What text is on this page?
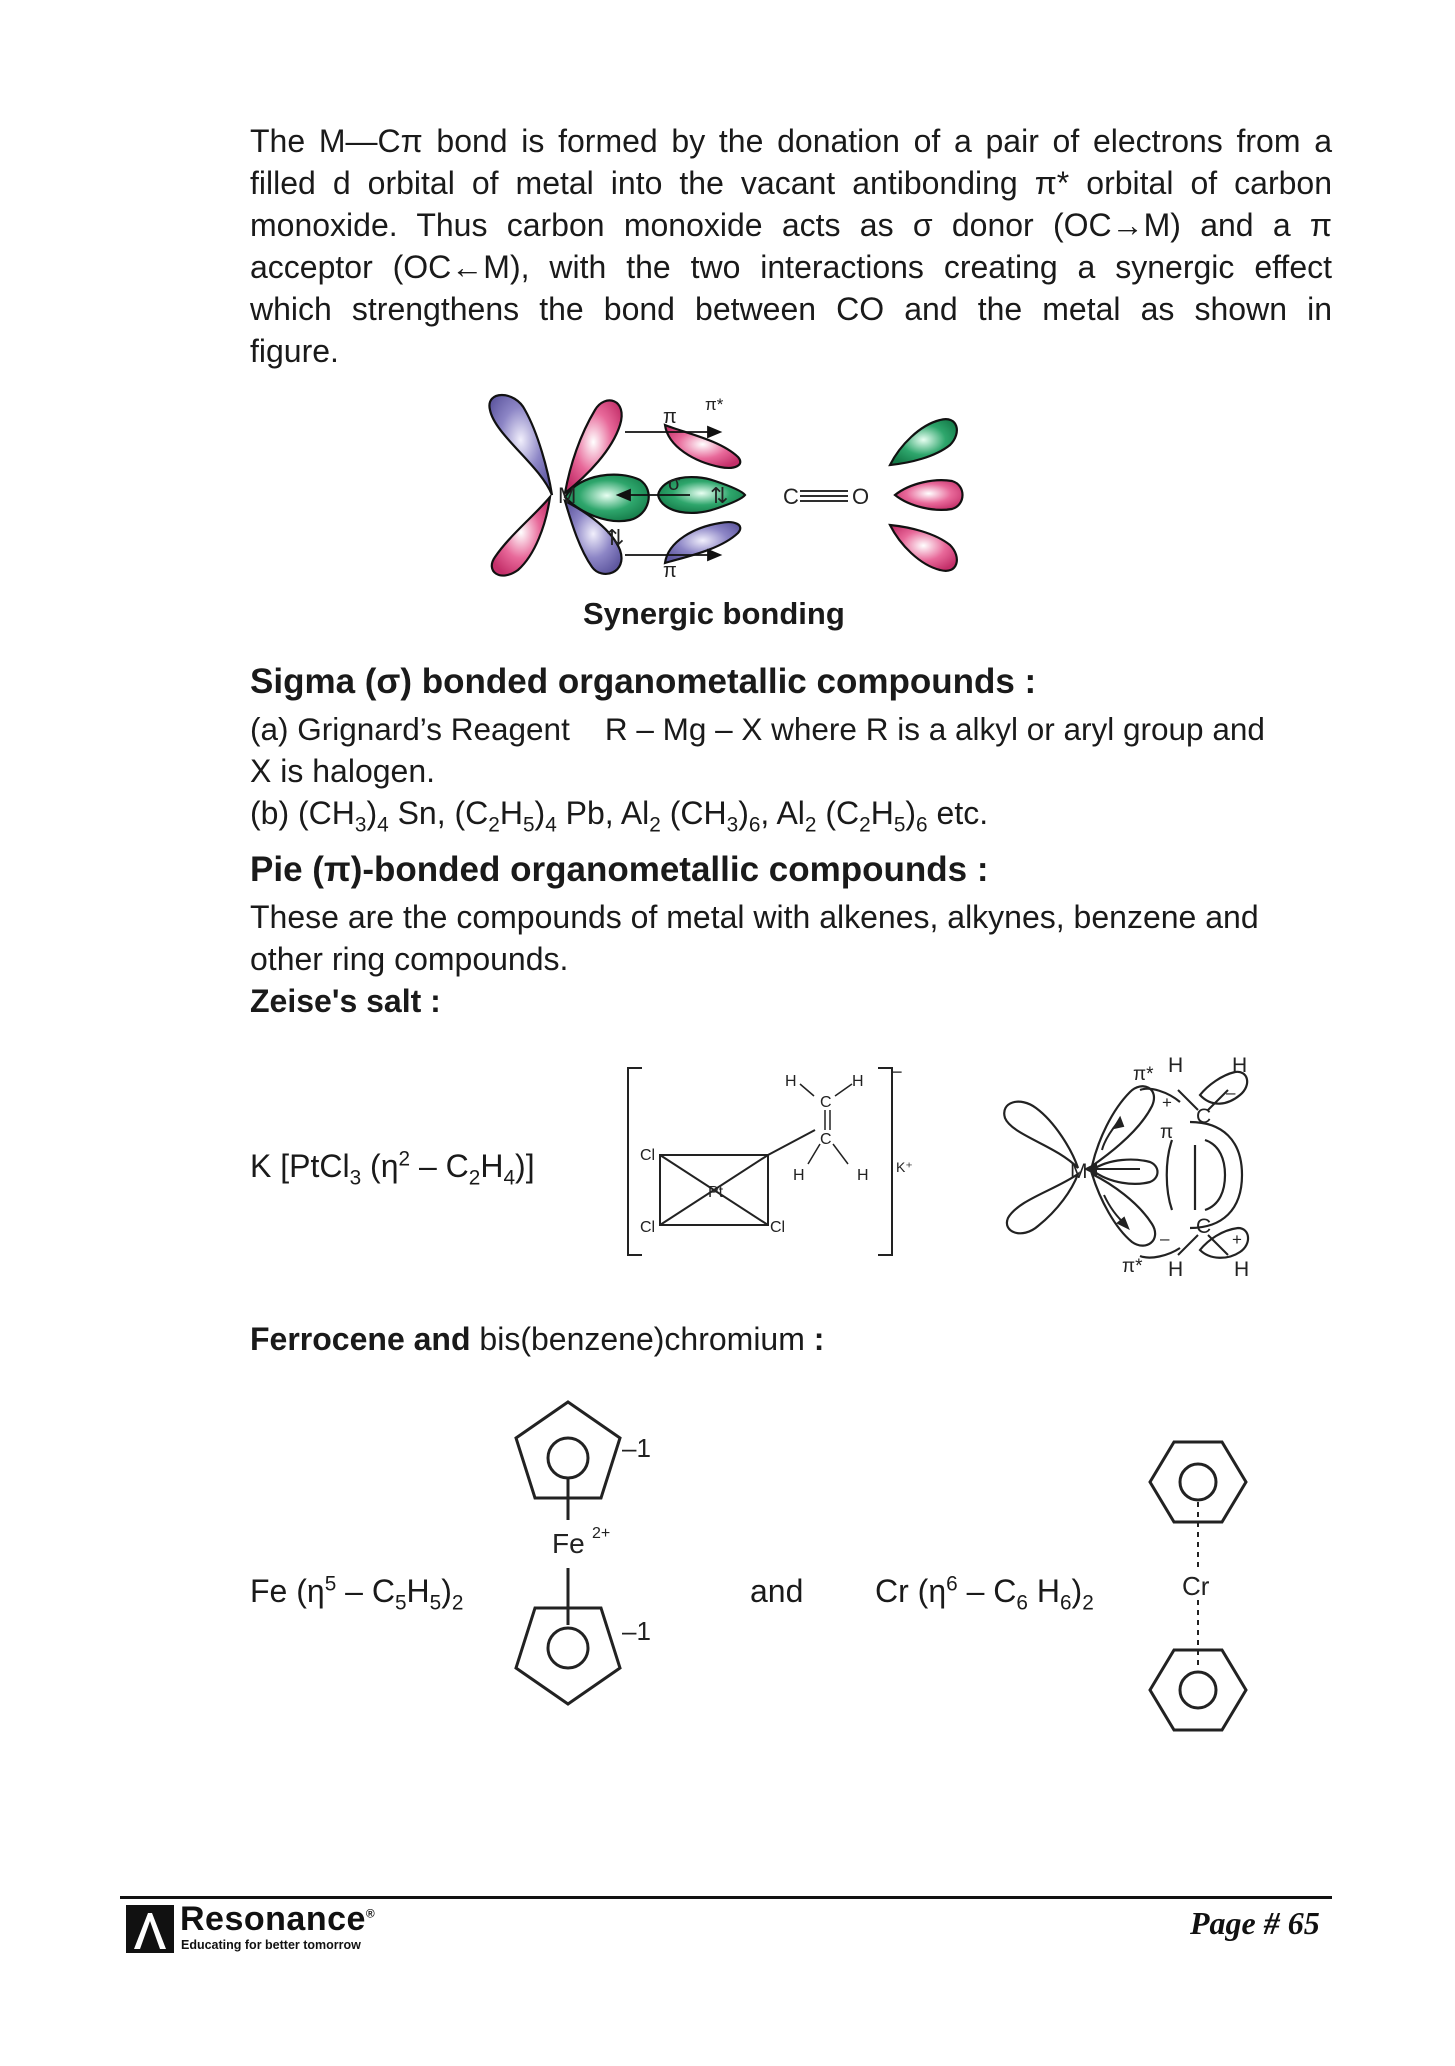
The M—Cπ bond is formed by the donation of a pair of electrons from a
filled d orbital of metal into the vacant antibonding π* orbital of carbon
monoxide. Thus carbon monoxide acts as σ donor (OC→M) and a π
acceptor (OC←M), with the two interactions creating a synergic effect
which strengthens the bond between CO and the metal as shown in
figure.
M	C O
π
π*
σ
π
⇅
⇅
Synergic bonding
Sigma (σ) bonded organometallic compounds :
(a) Grignard’s Reagent    R – Mg – X where R is a alkyl or aryl group and
X is halogen.
(b) $(CH_3)_4$ Sn, $(C_2H_5)_4$ Pb, $Al_2$ $(CH_3)_6$, $Al_2$ $(C_2H_5)_6$ etc.
Pie (π)-bonded organometallic compounds :
These are the compounds of metal with alkenes, alkynes, benzene and
other ring compounds.
Zeise's salt :
K [PtCl$_3$ $(\eta^2 - C_2H_4)$]
Pt
Cl
Cl	Cl
C
C
H	H
H	H K⁺
−
M
C
C
H H
H H
π*
π*
π
+
+
–
–
Ferrocene and bis(benzene)chromium :
Fe $(\eta^5 - C_5H_5)_2$
Fe 2+
–1
–1
and Cr ($\eta^6 - C_6$ $H_6)_2$
Cr
Resonance®
Educating for better tomorrow
Page # 65
